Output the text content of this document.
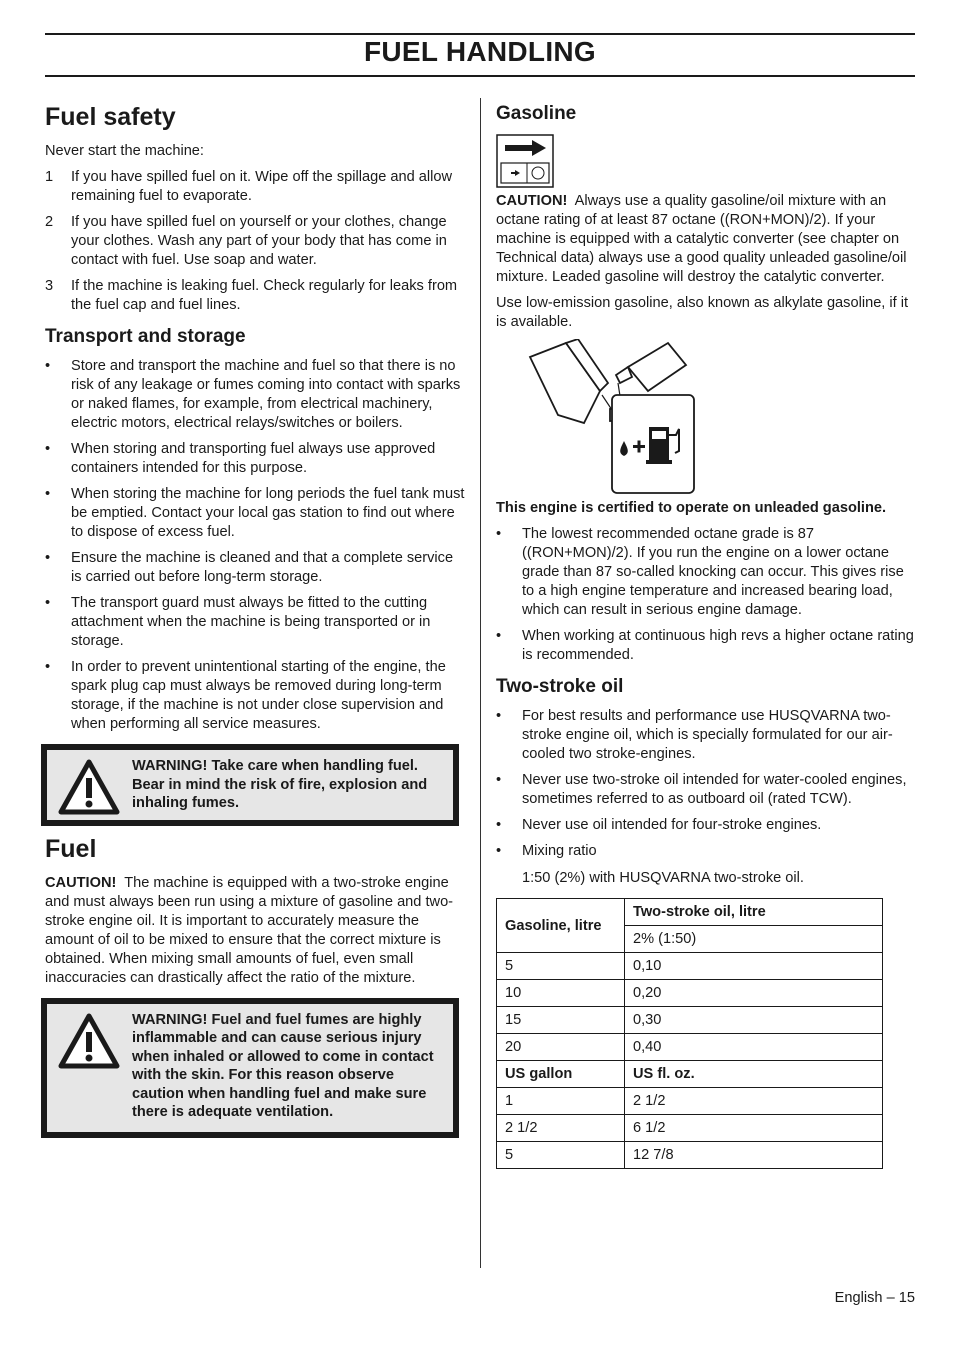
FUEL HANDLING
Fuel safety

Never start the machine:

1 If you have spilled fuel on it. Wipe off the spillage and allow remaining fuel to evaporate.
2 If you have spilled fuel on yourself or your clothes, change your clothes. Wash any part of your body that has come in contact with fuel. Use soap and water.
3 If the machine is leaking fuel. Check regularly for leaks from the fuel cap and fuel lines.
Transport and storage
• Store and transport the machine and fuel so that there is no risk of any leakage or fumes coming into contact with sparks or naked flames, for example, from electrical machinery, electric motors, electrical relays/switches or boilers.
• When storing and transporting fuel always use approved containers intended for this purpose.
• When storing the machine for long periods the fuel tank must be emptied. Contact your local gas station to find out where to dispose of excess fuel.
• Ensure the machine is cleaned and that a complete service is carried out before long-term storage.
• The transport guard must always be fitted to the cutting attachment when the machine is being transported or in storage.
• In order to prevent unintentional starting of the engine, the spark plug cap must always be removed during long-term storage, if the machine is not under close supervision and when performing all service measures.
WARNING! Take care when handling fuel. Bear in mind the risk of fire, explosion and inhaling fumes.
Fuel

CAUTION! The machine is equipped with a two-stroke engine and must always been run using a mixture of gasoline and two-stroke engine oil. It is important to accurately measure the amount of oil to be mixed to ensure that the correct mixture is obtained. When mixing small amounts of fuel, even small inaccuracies can drastically affect the ratio of the mixture.

WARNING! Fuel and fuel fumes are highly inflammable and can cause serious injury when inhaled or allowed to come in contact with the skin. For this reason observe caution when handling fuel and make sure there is adequate ventilation.
Gasoline

CAUTION! Always use a quality gasoline/oil mixture with an octane rating of at least 87 octane ((RON+MON)/2). If your machine is equipped with a catalytic converter (see chapter on Technical data) always use a good quality unleaded gasoline/oil mixture. Leaded gasoline will destroy the catalytic converter.

Use low-emission gasoline, also known as alkylate gasoline, if it is available.

This engine is certified to operate on unleaded gasoline.

• The lowest recommended octane grade is 87 ((RON+MON)/2). If you run the engine on a lower octane grade than 87 so-called knocking can occur. This gives rise to a high engine temperature and increased bearing load, which can result in serious engine damage.
• When working at continuous high revs a higher octane rating is recommended.
Two-stroke oil
• For best results and performance use HUSQVARNA two-stroke engine oil, which is specially formulated for our air-cooled two stroke-engines.
• Never use two-stroke oil intended for water-cooled engines, sometimes referred to as outboard oil (rated TCW).
• Never use oil intended for four-stroke engines.
• Mixing ratio

1:50 (2%) with HUSQVARNA two-stroke oil.

Gasoline, litre	Two-stroke oil, litre
	2% (1:50)
5	0,10
10	0,20
15	0,30
20	0,40
US gallon	US fl. oz.
1	2 1/2
2 1/2	6 1/2
5	12 7/8
English – 15
